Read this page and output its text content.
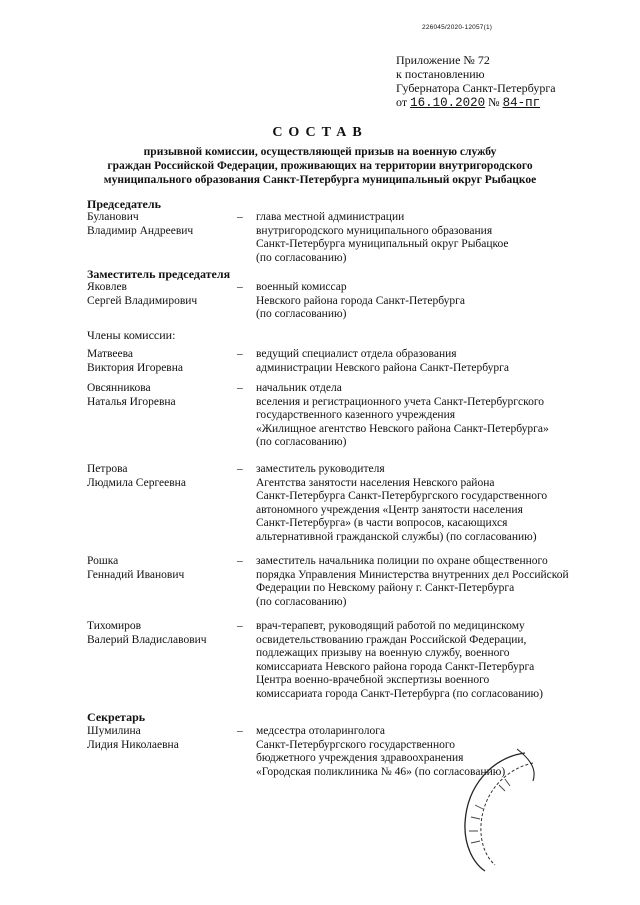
226045/2020-12057(1)
Приложение № 72
к постановлению
Губернатора Санкт-Петербурга
от 16.10.2020 № 84-пг
СОСТАВ
призывной комиссии, осуществляющей призыв на военную службу
граждан Российской Федерации, проживающих на территории внутригородского
муниципального образования Санкт-Петербурга муниципальный округ Рыбацкое
Председатель
Буланович
Владимир Андреевич
– глава местной администрации
внутригородского муниципального образования
Санкт-Петербурга муниципальный округ Рыбацкое
(по согласованию)
Заместитель председателя
Яковлев
Сергей Владимирович
– военный комиссар
Невского района города Санкт-Петербурга
(по согласованию)
Члены комиссии:
Матвеева
Виктория Игоревна
– ведущий специалист отдела образования
администрации Невского района Санкт-Петербурга
Овсянникова
Наталья Игоревна
– начальник отдела
вселения и регистрационного учета Санкт-Петербургского
государственного казенного учреждения
«Жилищное агентство Невского района Санкт-Петербурга»
(по согласованию)
Петрова
Людмила Сергеевна
– заместитель руководителя
Агентства занятости населения Невского района
Санкт-Петербурга Санкт-Петербургского государственного
автономного учреждения «Центр занятости населения
Санкт-Петербурга» (в части вопросов, касающихся
альтернативной гражданской службы) (по согласованию)
Рошка
Геннадий Иванович
– заместитель начальника полиции по охране общественного
порядка Управления Министерства внутренних дел Российской
Федерации по Невскому району г. Санкт-Петербурга
(по согласованию)
Тихомиров
Валерий Владиславович
– врач-терапевт, руководящий работой по медицинскому
освидетельствованию граждан Российской Федерации,
подлежащих призыву на военную службу, военного
комиссариата Невского района города Санкт-Петербурга
Центра военно-врачебной экспертизы военного
комиссариата города Санкт-Петербурга (по согласованию)
Секретарь
Шумилина
Лидия Николаевна
– медсестра отоларинголога
Санкт-Петербургского государственного
бюджетного учреждения здравоохранения
«Городская поликлиника № 46» (по согласованию)
